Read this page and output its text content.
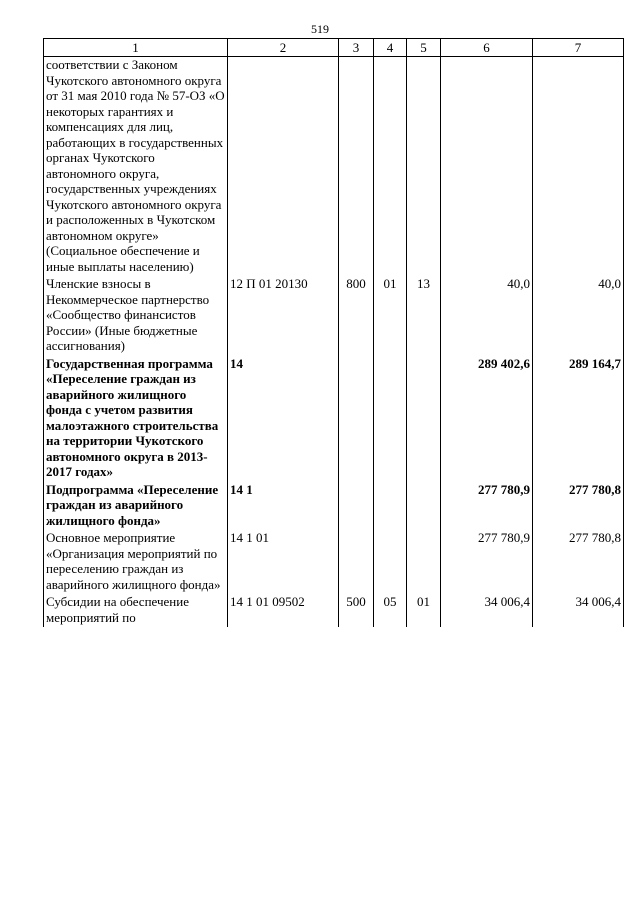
519
1	2	3	4	5	6	7
соответствии с Законом Чукотского автономного округа от 31 мая 2010 года № 57-ОЗ «О некоторых гарантиях и компенсациях для лиц, работающих в государственных органах Чукотского автономного округа, государственных учреждениях Чукотского автономного округа и расположенных в Чукотском автономном округе» (Социальное обеспечение и иные выплаты населению)						
Членские взносы в Некоммерческое партнерство «Сообщество финансистов России» (Иные бюджетные ассигнования)	12 П 01 20130	800	01	13	40,0	40,0
Государственная программа «Переселение граждан из аварийного жилищного фонда с учетом развития малоэтажного строительства на территории Чукотского автономного округа в 2013-2017 годах»	14				289 402,6	289 164,7
Подпрограмма «Переселение граждан из аварийного жилищного фонда»	14 1				277 780,9	277 780,8
Основное мероприятие «Организация мероприятий по переселению граждан из аварийного жилищного фонда»	14 1 01				277 780,9	277 780,8
Субсидии на обеспечение мероприятий по	14 1 01 09502	500	05	01	34 006,4	34 006,4
